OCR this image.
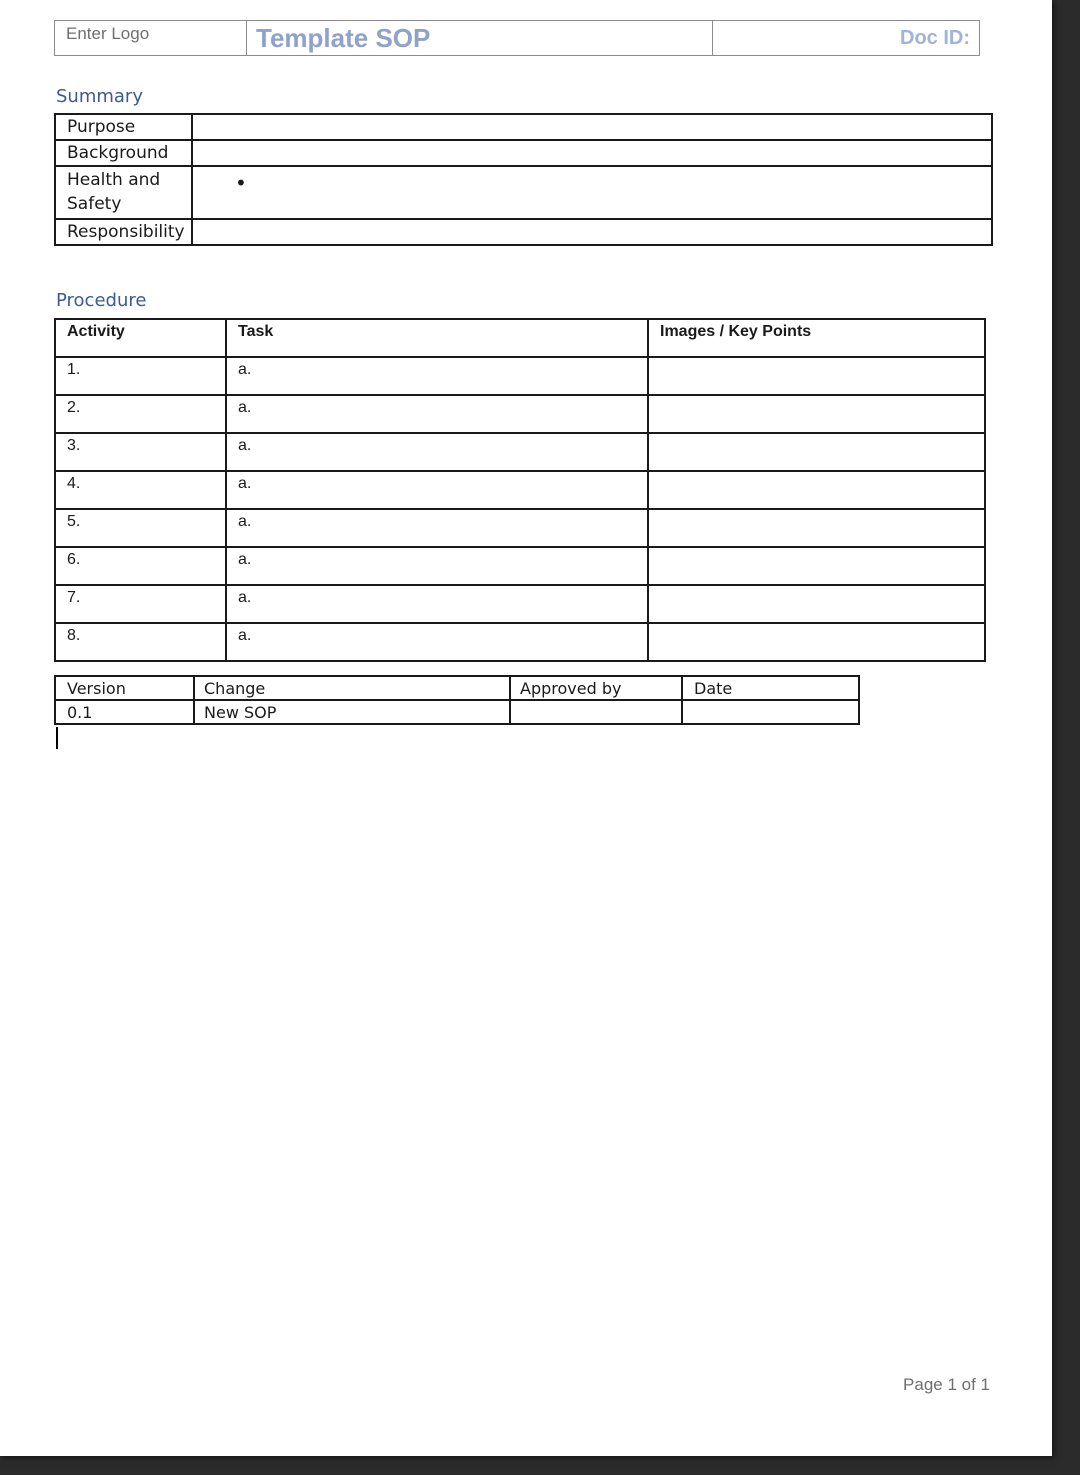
Enter Logo	Template SOP	Doc ID:
Summary
Purpose	
Background	
Health and Safety	•

Responsibility	
Procedure
Activity	Task	Images / Key Points
1.	a.	
2.	a.	
3.	a.	
4.	a.	
5.	a.	
6.	a.	
7.	a.	
8.	a.	
Version	Change	Approved by	Date
0.1	New SOP		
Page 1 of 1
